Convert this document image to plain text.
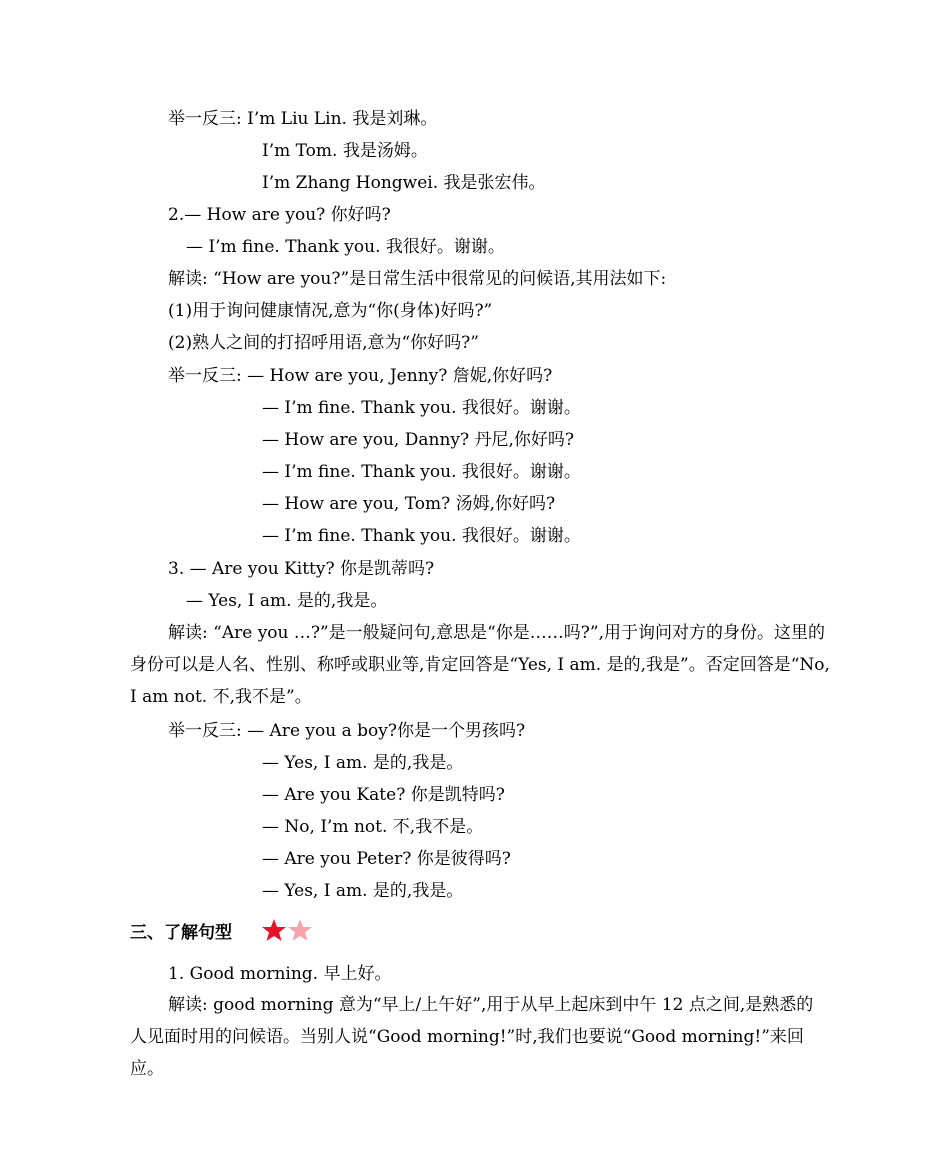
举一反三: I’m Liu Lin. 我是刘琳。
I’m Tom. 我是汤姆。
I’m Zhang Hongwei. 我是张宏伟。
2.— How are you? 你好吗?
— I’m fine. Thank you. 我很好。谢谢。
解读: “How are you?”是日常生活中很常见的问候语,其用法如下:
(1)用于询问健康情况,意为“你(身体)好吗?”
(2)熟人之间的打招呼用语,意为“你好吗?”
举一反三: — How are you, Jenny? 詹妮,你好吗?
— I’m fine. Thank you. 我很好。谢谢。
— How are you, Danny? 丹尼,你好吗?
— I’m fine. Thank you. 我很好。谢谢。
— How are you, Tom? 汤姆,你好吗?
— I’m fine. Thank you. 我很好。谢谢。
3. — Are you Kitty? 你是凯蒂吗?
— Yes, I am. 是的,我是。
解读: “Are you …?”是一般疑问句,意思是“你是……吗?”,用于询问对方的身份。这里的身份可以是人名、性别、称呼或职业等,肯定回答是“Yes, I am. 是的,我是”。否定回答是“No, I am not. 不,我不是”。
举一反三: — Are you a boy?你是一个男孩吗?
— Yes, I am. 是的,我是。
— Are you Kate? 你是凯特吗?
— No, I’m not. 不,我不是。
— Are you Peter? 你是彼得吗?
— Yes, I am. 是的,我是。
三、了解句型
1. Good morning. 早上好。
解读: good morning 意为“早上/上午好”,用于从早上起床到中午 12 点之间,是熟悉的人见面时用的问候语。当别人说“Good morning!”时,我们也要说“Good morning!”来回应。
